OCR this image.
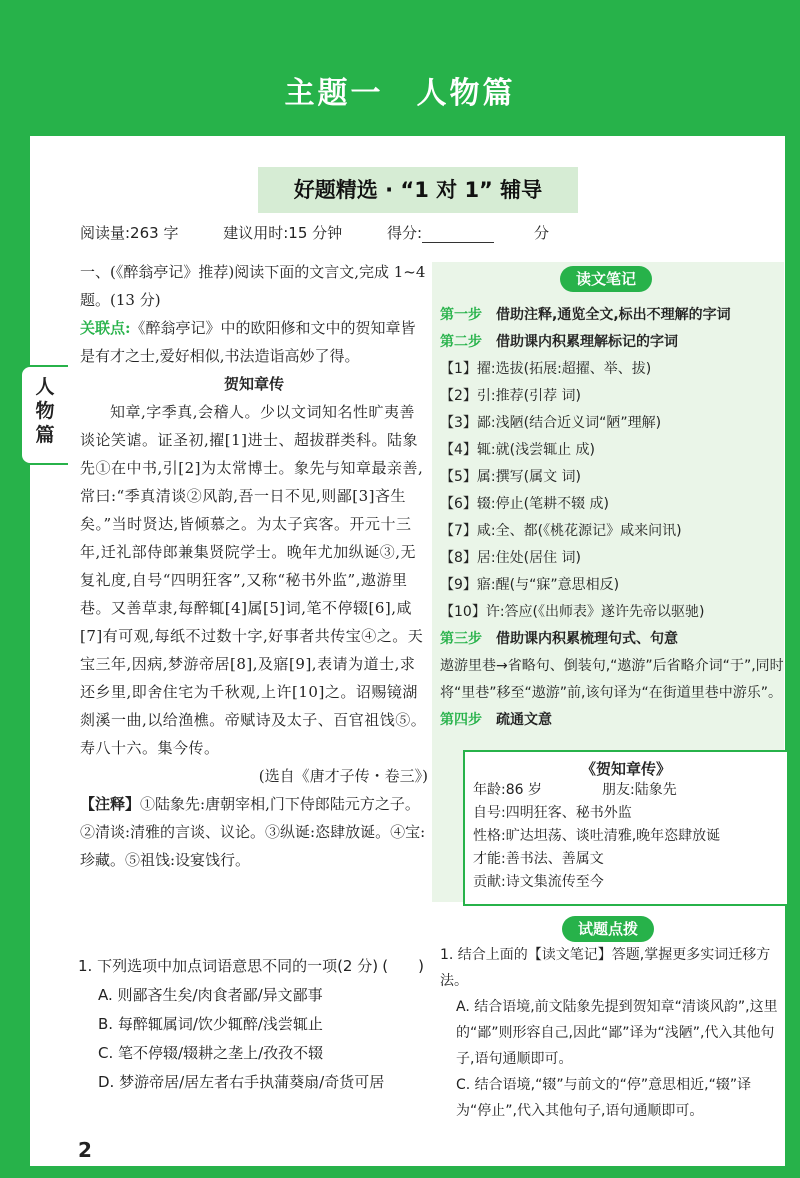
主题一　人物篇
人
物
篇
好题精选 · “1 对 1” 辅导
阅读量:263 字	建议用时:15 分钟	得分:	分

一、(《醉翁亭记》推荐)阅读下面的文言文,完成 1~4 题。(13 分)

关联点:《醉翁亭记》中的欧阳修和文中的贺知章皆是有才之士,爱好相似,书法造诣高妙了得。

贺知章传

知章,字季真,会稽人。少以文词知名性旷夷善谈论笑谑。证圣初,擢[1]进士、超拔群类科。陆象先①在中书,引[2]为太常博士。象先与知章最亲善,常曰:“季真清谈②风韵,吾一日不见,则鄙[3]吝生矣。”当时贤达,皆倾慕之。为太子宾客。开元十三年,迁礼部侍郎兼集贤院学士。晚年尤加纵诞③,无复礼度,自号“四明狂客”,又称“秘书外监”,遨游里巷。又善草隶,每醉辄[4]属[5]词,笔不停辍[6],咸[7]有可观,每纸不过数十字,好事者共传宝④之。天宝三年,因病,梦游帝居[8],及寤[9],表请为道士,求还乡里,即舍住宅为千秋观,上许[10]之。诏赐镜湖剡溪一曲,以给渔樵。帝赋诗及太子、百官祖饯⑤。寿八十六。集今传。

(选自《唐才子传・卷三》)

【注释】①陆象先:唐朝宰相,门下侍郎陆元方之子。②清谈:清雅的言谈、议论。③纵诞:恣肆放诞。④宝:珍藏。⑤祖饯:设宴饯行。

1. 下列选项中加点词语意思不同的一项(2 分) (　　)
A. 则鄙吝生矣/肉食者鄙/异文鄙事
B. 每醉辄属词/饮少辄醉/浅尝辄止
C. 笔不停辍/辍耕之垄上/孜孜不辍
D. 梦游帝居/居左者右手执蒲葵扇/奇货可居
读文笔记

第一步　 借助注释,通览全文,标出不理解的字词

第二步　 借助课内积累理解标记的字词

【1】擢:选拔(拓展:超擢、举、拔)

【2】引:推荐(引荐 词)

【3】鄙:浅陋(结合近义词“陋”理解)

【4】辄:就(浅尝辄止 成)

【5】属:撰写(属文 词)

【6】辍:停止(笔耕不辍 成)

【7】咸:全、都(《桃花源记》咸来问讯)

【8】居:住处(居住 词)

【9】寤:醒(与“寐”意思相反)

【10】许:答应(《出师表》遂许先帝以驱驰)

第三步　 借助课内积累梳理句式、句意

遨游里巷→省略句、倒装句,“遨游”后省略介词“于”,同时将“里巷”移至“遨游”前,该句译为“在街道里巷中游乐”。

第四步　 疏通文意

《贺知章传》
年龄:86 岁	朋友:陆象先
自号:四明狂客、秘书外监
性格:旷达坦荡、谈吐清雅,晚年恣肆放诞
才能:善书法、善属文
贡献:诗文集流传至今
试题点拨

1. 结合上面的【读文笔记】答题,掌握更多实词迁移方法。

A. 结合语境,前文陆象先提到贺知章“清谈风韵”,这里的“鄙”则形容自己,因此“鄙”译为“浅陋”,代入其他句子,语句通顺即可。

C. 结合语境,“辍”与前文的“停”意思相近,“辍”译为“停止”,代入其他句子,语句通顺即可。

2
